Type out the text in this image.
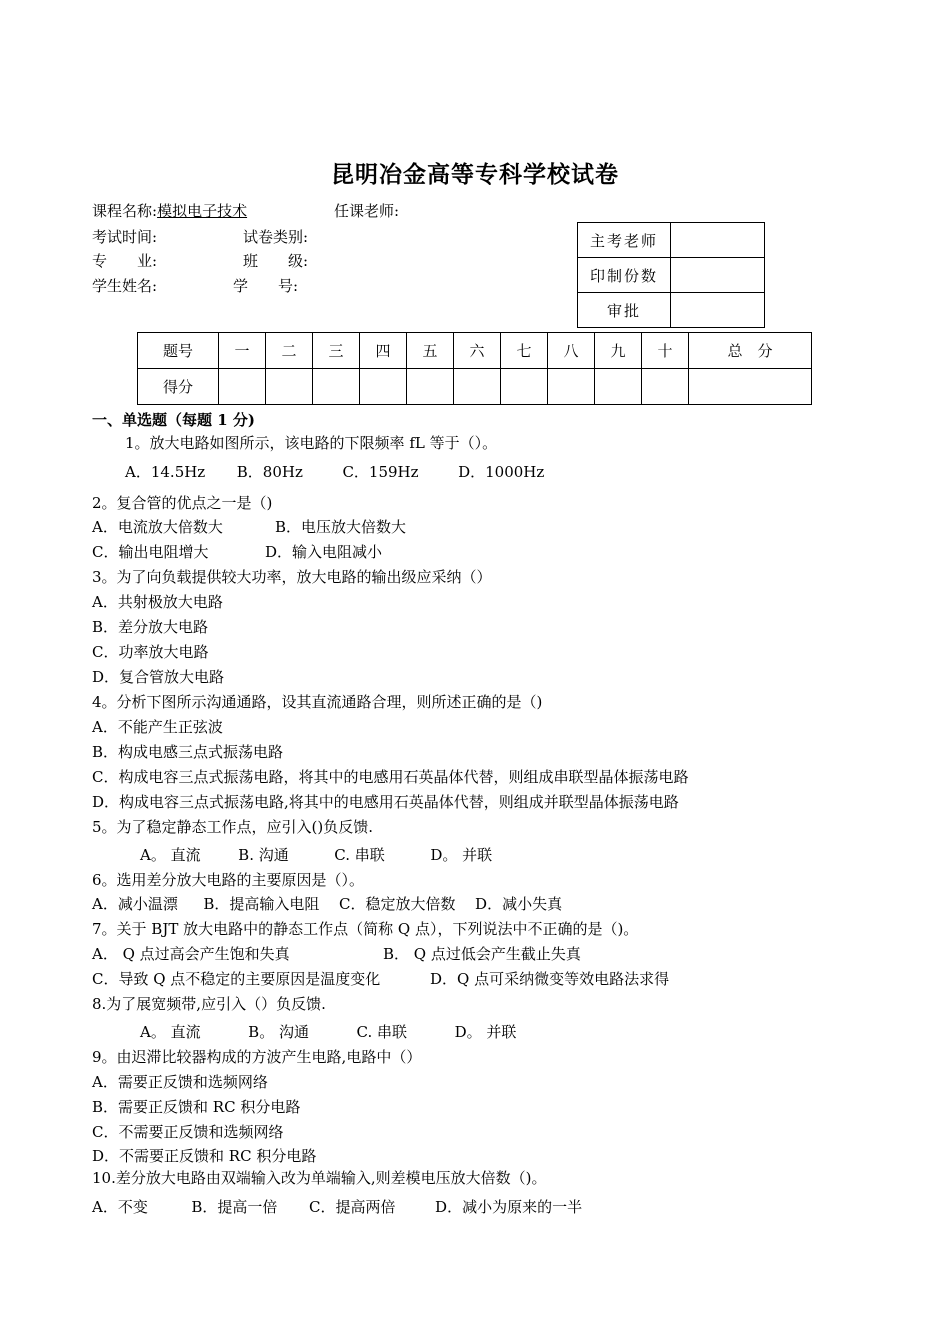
昆明冶金高等专科学校试卷
课程名称:模拟电子技术	任课老师:
考试时间:	试卷类别:
专　　业:	班　　级:
学生姓名:	学　　号:
主考老师	
印制份数	
审批	
题号	一	二	三	四	五	六	七	八	九	十	总　分
得分											
一、单选题（每题 1 分)
1。放大电路如图所示，该电路的下限频率 fL 等于（）。
A．14.5Hz B．80Hz	C．159Hz	D．1000Hz
2。复合管的优点之一是（)
A．电流放大倍数大	B．电压放大倍数大
C．输出电阻增大	D．输入电阻减小
3。为了向负载提供较大功率，放大电路的输出级应采纳（）
A．共射极放大电路
B．差分放大电路
C．功率放大电路
D．复合管放大电路
4。分析下图所示沟通通路，设其直流通路合理，则所述正确的是（)
A．不能产生正弦波
B．构成电感三点式振荡电路
C．构成电容三点式振荡电路，将其中的电感用石英晶体代替，则组成串联型晶体振荡电路
D．构成电容三点式振荡电路,将其中的电感用石英晶体代替，则组成并联型晶体振荡电路
5。为了稳定静态工作点，应引入()负反馈.
A。 直流	B. 沟通	C. 串联	D。 并联
6。选用差分放大电路的主要原因是（）。
A．减小温漂 B．提高输入电阻 C．稳定放大倍数 D．减小失真
7。关于 BJT 放大电路中的静态工作点（简称 Q 点），下列说法中不正确的是（)。
A． Q 点过高会产生饱和失真	B． Q 点过低会产生截止失真
C．导致 Q 点不稳定的主要原因是温度变化	D．Q 点可采纳微变等效电路法求得
8.为了展宽频带,应引入（）负反馈.
A。 直流	B。 沟通	C. 串联	D。 并联
9。由迟滞比较器构成的方波产生电路,电路中（）
A．需要正反馈和选频网络
B．需要正反馈和 RC 积分电路
C．不需要正反馈和选频网络
D．不需要正反馈和 RC 积分电路
10.差分放大电路由双端输入改为单端输入,则差模电压放大倍数（)。
A．不变	B．提高一倍 C．提高两倍	D．减小为原来的一半
